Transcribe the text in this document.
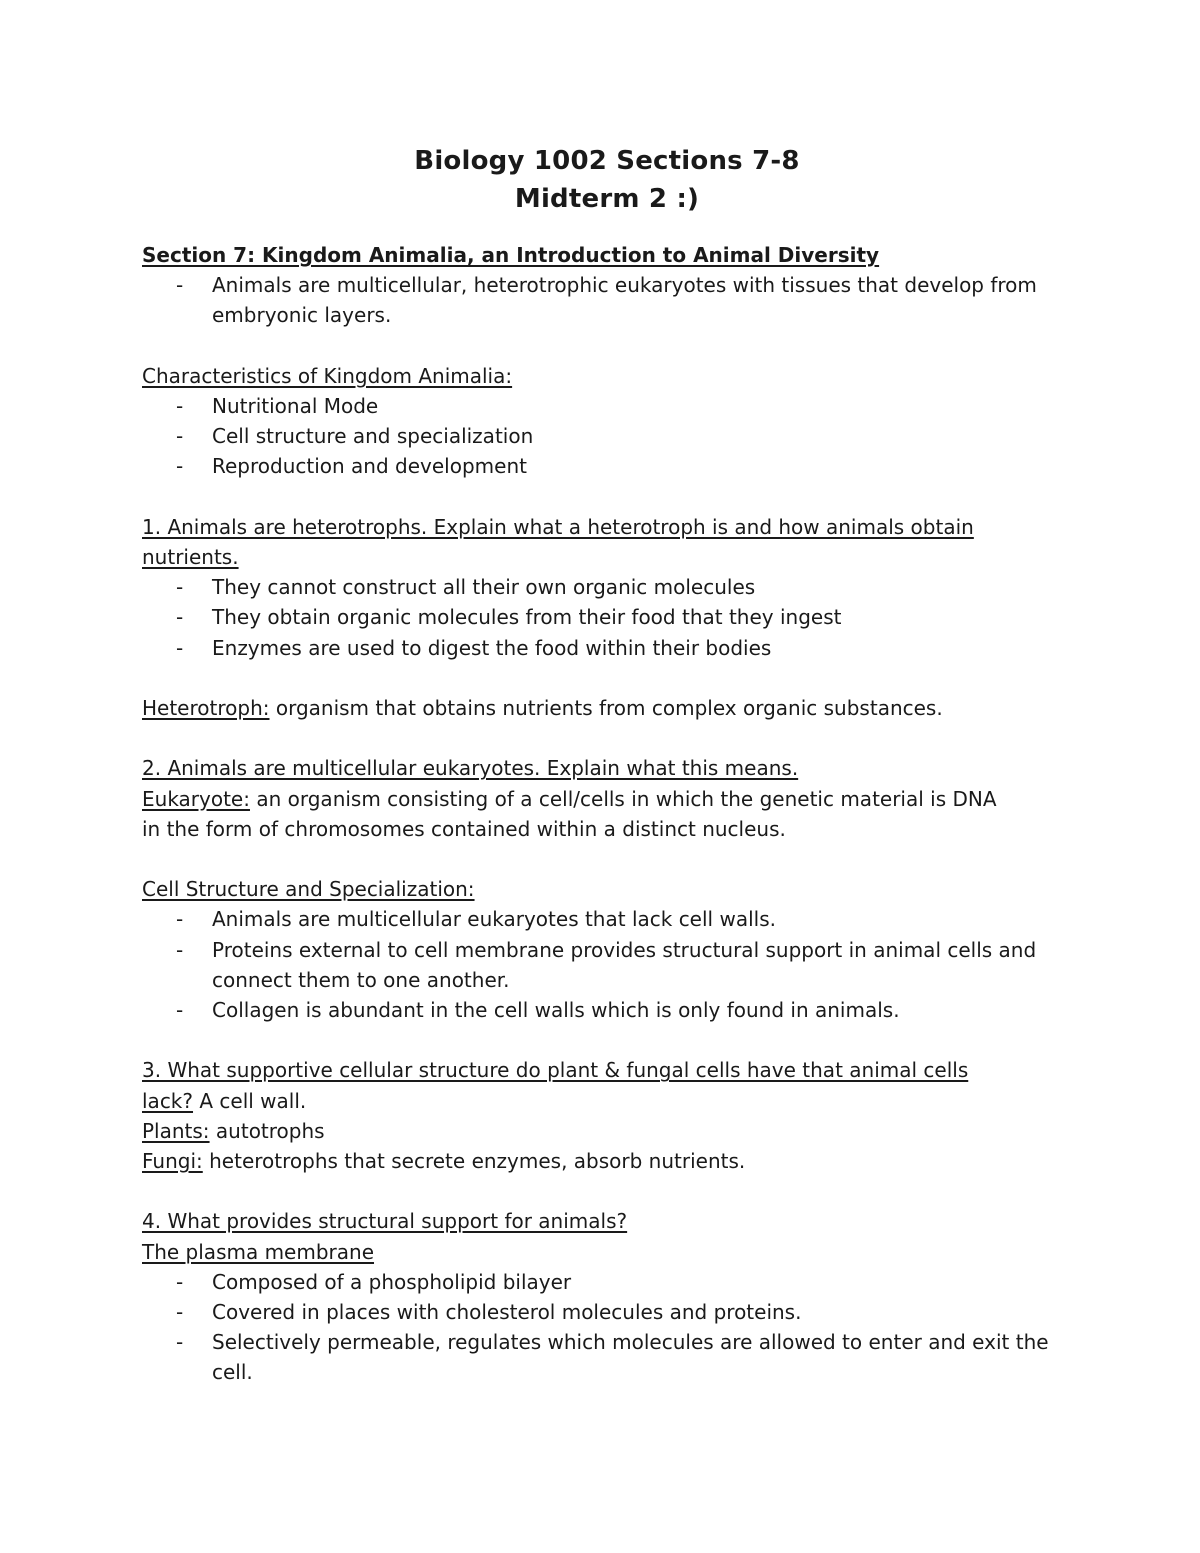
Biology 1002 Sections 7-8
Midterm 2 :)
Section 7: Kingdom Animalia, an Introduction to Animal Diversity
- Animals are multicellular, heterotrophic eukaryotes with tissues that develop from embryonic layers.
Characteristics of Kingdom Animalia:
- Nutritional Mode
- Cell structure and specialization
- Reproduction and development
1. Animals are heterotrophs. Explain what a heterotroph is and how animals obtain
nutrients.
- They cannot construct all their own organic molecules
- They obtain organic molecules from their food that they ingest
- Enzymes are used to digest the food within their bodies
Heterotroph: organism that obtains nutrients from complex organic substances.
2. Animals are multicellular eukaryotes. Explain what this means.
Eukaryote: an organism consisting of a cell/cells in which the genetic material is DNA
in the form of chromosomes contained within a distinct nucleus.
Cell Structure and Specialization:
- Animals are multicellular eukaryotes that lack cell walls.
- Proteins external to cell membrane provides structural support in animal cells and connect them to one another.
- Collagen is abundant in the cell walls which is only found in animals.
3. What supportive cellular structure do plant & fungal cells have that animal cells
lack? A cell wall.
Plants: autotrophs
Fungi: heterotrophs that secrete enzymes, absorb nutrients.
4. What provides structural support for animals?
The plasma membrane
- Composed of a phospholipid bilayer
- Covered in places with cholesterol molecules and proteins.
- Selectively permeable, regulates which molecules are allowed to enter and exit the cell.
